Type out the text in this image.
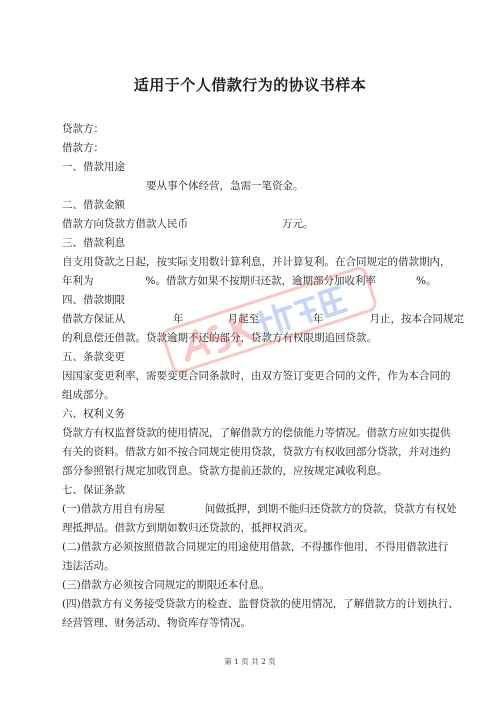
适用于个人借款行为的协议书样本
贷款方：
借款方：
一、借款用途
要从事个体经营，急需一笔资金。
二、借款金额
借款方向贷款方借款人民币	万元。
三、借款利息
自支用贷款之日起，按实际支用数计算利息，并计算复利。在合同规定的借款期内，
年利为	%。借款方如果不按期归还款，逾期部分加收利率	%。
四、借款期限
借款方保证从	年	月起至	年	月止，按本合同规定
的利息偿还借款。贷款逾期不还的部分，贷款方有权限期追回贷款。
五、条款变更
因国家变更利率，需要变更合同条款时，由双方签订变更合同的文件，作为本合同的
组成部分。
六、权利义务
贷款方有权监督贷款的使用情况，了解借款方的偿债能力等情况。借款方应如实提供
有关的资料。借款方如不按合同规定使用贷款，贷款方有权收回部分贷款，并对违约
部分参照银行规定加收罚息。贷款方提前还款的，应按规定减收利息。
七、保证条款
(一)借款方用自有房屋	间做抵押，到期不能归还贷款方的贷款，贷款方有权处
理抵押品。借款方到期如数归还贷款的，抵押权消灭。
(二)借款方必须按照借款合同规定的用途使用借款，不得挪作他用，不得用借款进行
违法活动。
(三)借款方必须按合同规定的期限还本付息。
(四)借款方有义务接受贷款方的检查、监督贷款的使用情况，了解借款方的计划执行、
经营管理、财务活动、物资库存等情况。
第 1 页 共 2 页
